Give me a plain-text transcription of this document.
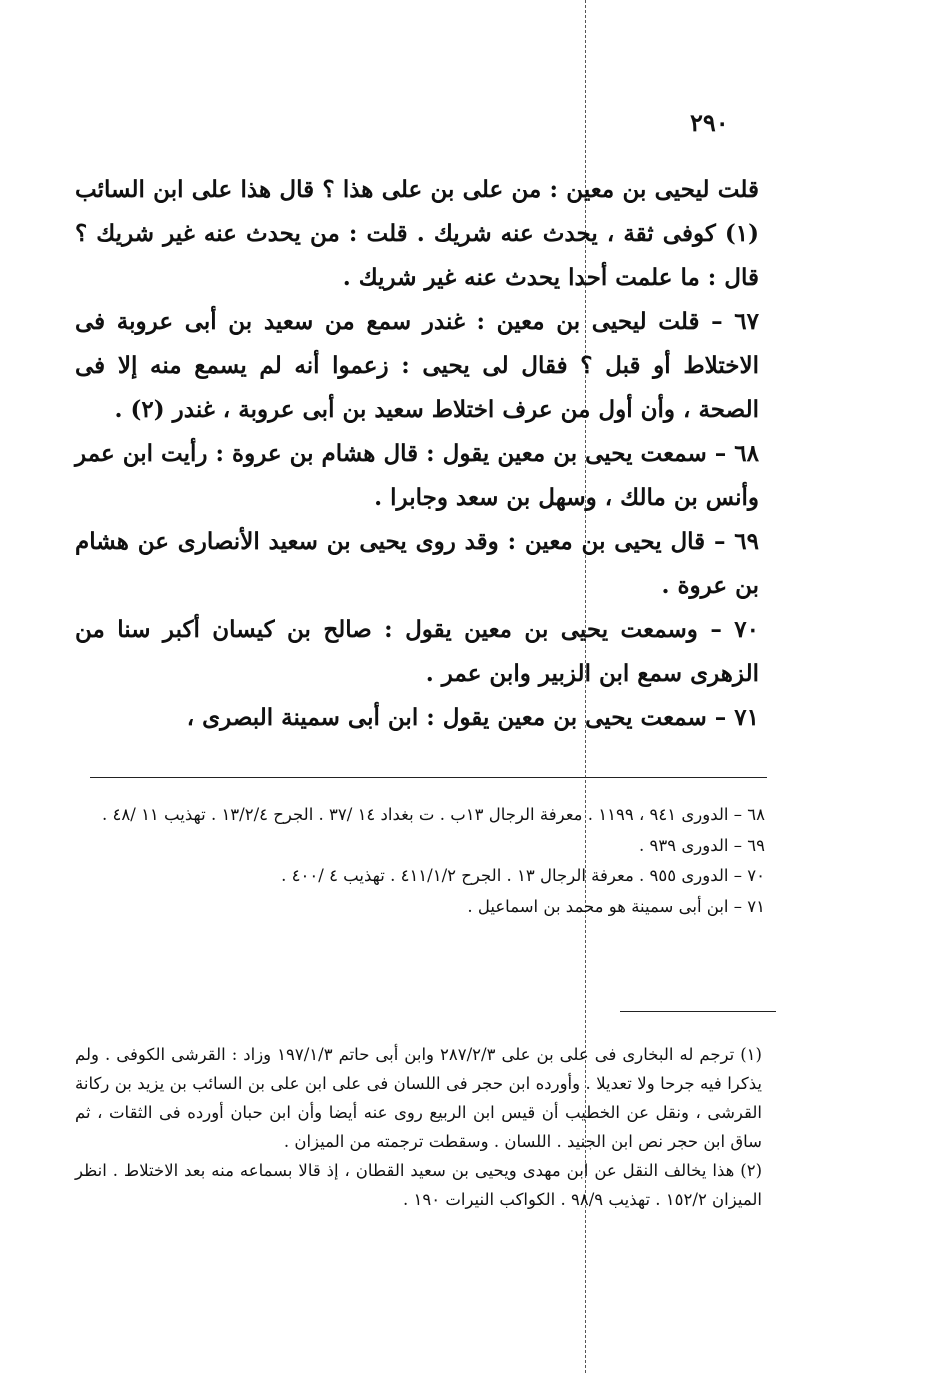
٢٩٠

قلت ليحيى بن معين : من على بن على هذا ؟ قال هذا على ابن السائب (١) كوفى ثقة ، يحدث عنه شريك . قلت : من يحدث عنه غير شريك ؟ قال : ما علمت أحدا يحدث عنه غير شريك .

٦٧ – قلت ليحيى بن معين : غندر سمع من سعيد بن أبى عروبة فى الاختلاط أو قبل ؟ فقال لى يحيى : زعموا أنه لم يسمع منه إلا فى الصحة ، وأن أول من عرف اختلاط سعيد بن أبى عروبة ، غندر (٢) .

٦٨ – سمعت يحيى بن معين يقول : قال هشام بن عروة : رأيت ابن عمر وأنس بن مالك ، وسهل بن سعد وجابرا .

٦٩ – قال يحيى بن معين : وقد روى يحيى بن سعيد الأنصارى عن هشام بن عروة .

٧٠ – وسمعت يحيى بن معين يقول : صالح بن كيسان أكبر سنا من الزهرى سمع ابن الزبير وابن عمر .

٧١ – سمعت يحيى بن معين يقول : ابن أبى سمينة البصرى ،

٦٨ – الدورى ٩٤١ ، ١١٩٩ . معرفة الرجال ١٣ب . ت بغداد ١٤ /٣٧ . الجرح ١٣/٢/٤ . تهذيب ١١ /٤٨ .

٦٩ – الدورى ٩٣٩ .

٧٠ – الدورى ٩٥٥ . معرفة الرجال ١٣ . الجرح ٤١١/١/٢ . تهذيب ٤ /٤٠٠ .

٧١ – ابن أبى سمينة هو محمد بن اسماعيل .

(١) ترجم له البخارى فى على بن على ٢٨٧/٢/٣ وابن أبى حاتم ١٩٧/١/٣ وزاد : القرشى الكوفى . ولم يذكرا فيه جرحا ولا تعديلا . وأورده ابن حجر فى اللسان فى على ابن على بن السائب بن يزيد بن ركانة القرشى ، ونقل عن الخطيب أن قيس ابن الربيع روى عنه أيضا وأن ابن حبان أورده فى الثقات ، ثم ساق ابن حجر نص ابن الجنيد . اللسان . وسقطت ترجمته من الميزان .

(٢) هذا يخالف النقل عن ابن مهدى ويحيى بن سعيد القطان ، إذ قالا بسماعه منه بعد الاختلاط . انظر الميزان ١٥٢/٢ . تهذيب ٩٨/٩ . الكواكب النيرات ١٩٠ .
